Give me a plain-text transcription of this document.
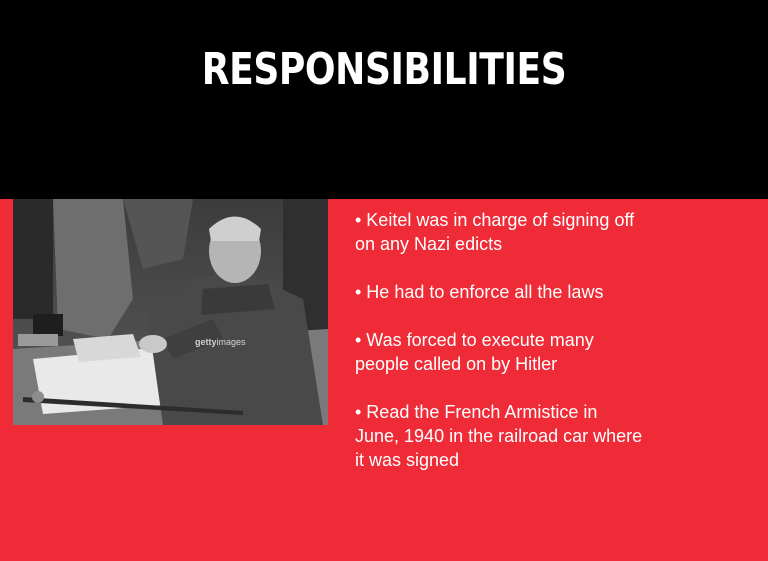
RESPONSIBILITIES
gettyimages
• Keitel was in charge of signing off on any Nazi edicts
• He had to enforce all the laws
• Was forced to execute many people called on by Hitler
• Read the French Armistice in June, 1940 in the railroad car where it was signed
